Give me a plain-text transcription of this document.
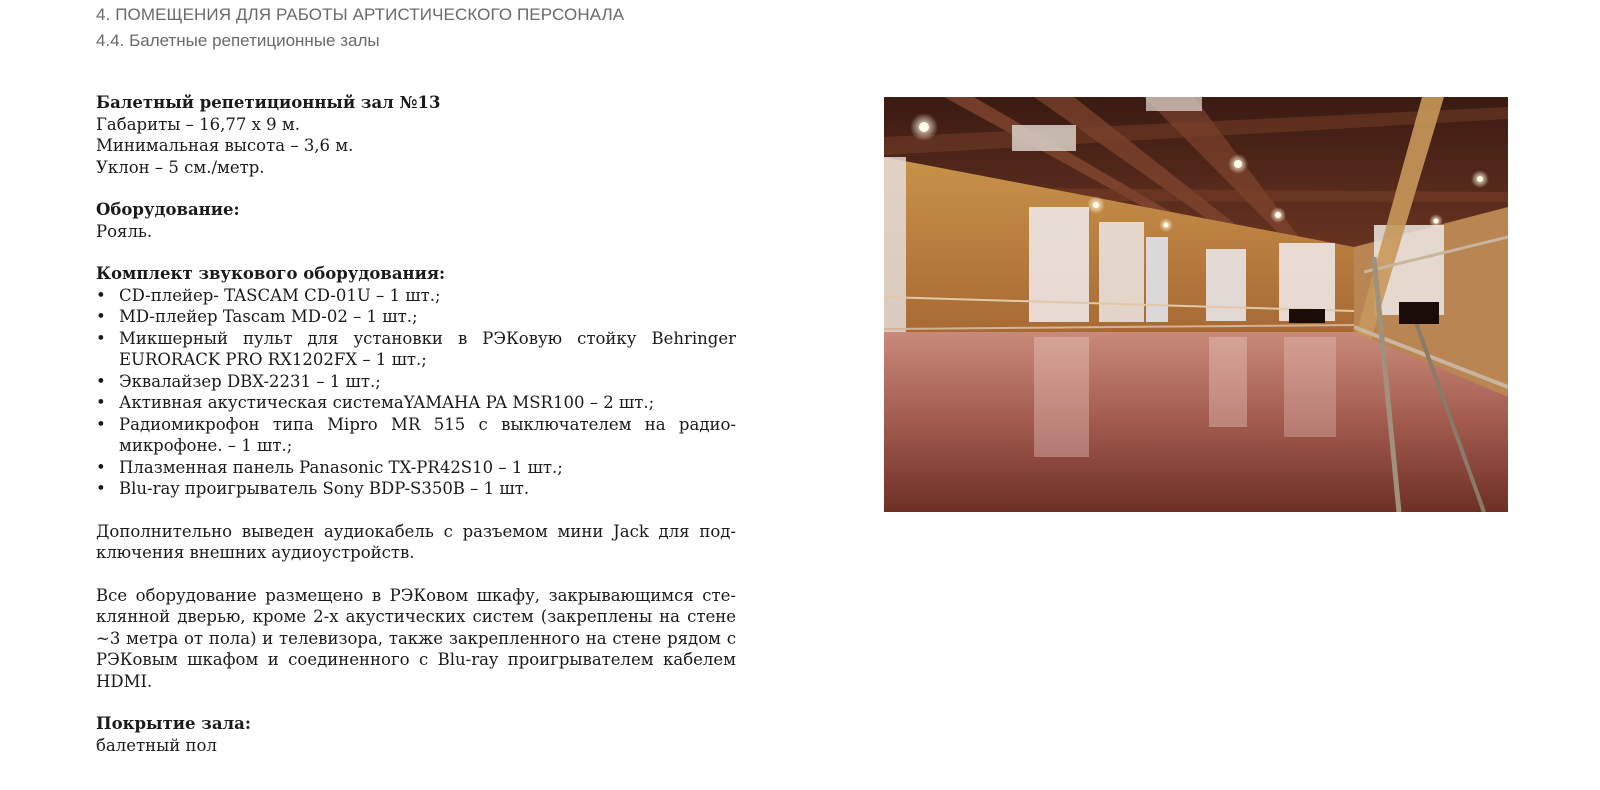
4. ПОМЕЩЕНИЯ ДЛЯ РАБОТЫ АРТИСТИЧЕСКОГО ПЕРСОНАЛА
4.4. Балетные репетиционные залы

Балетный репетиционный зал №13

Габариты – 16,77 х 9 м.

Минимальная высота – 3,6 м.

Уклон – 5 см./метр.

Оборудование:

Рояль.

Комплект звукового оборудования:

• CD-плейер- TASCAM CD-01U – 1 шт.;
• MD-плейер Tascam MD-02 – 1 шт.;
• Микшерный пульт для установки в РЭКовую стойку Behringer EURORACK PRO RX1202FX – 1 шт.;
• Эквалайзер DBX-2231 – 1 шт.;
• Активная акустическая системаYAMAHA PA MSR100 – 2 шт.;
• Радиомикрофон типа Mipro MR 515 с выключателем на радио-микрофоне. – 1 шт.;
• Плазменная панель Panasonic TX-PR42S10 – 1 шт.;
• Blu-ray проигрыватель Sony BDP-S350B – 1 шт.

Дополнительно выведен аудиокабель с разъемом мини Jack для под-ключения внешних аудиоустройств.

Все оборудование размещено в РЭКовом шкафу, закрывающимся сте-клянной дверью, кроме 2-х акустических систем (закреплены на стене ~3 метра от пола) и телевизора, также закрепленного на стене рядом с РЭКовым шкафом и соединенного с Blu-ray проигрывателем кабелем HDMI.

Покрытие зала:

балетный пол
